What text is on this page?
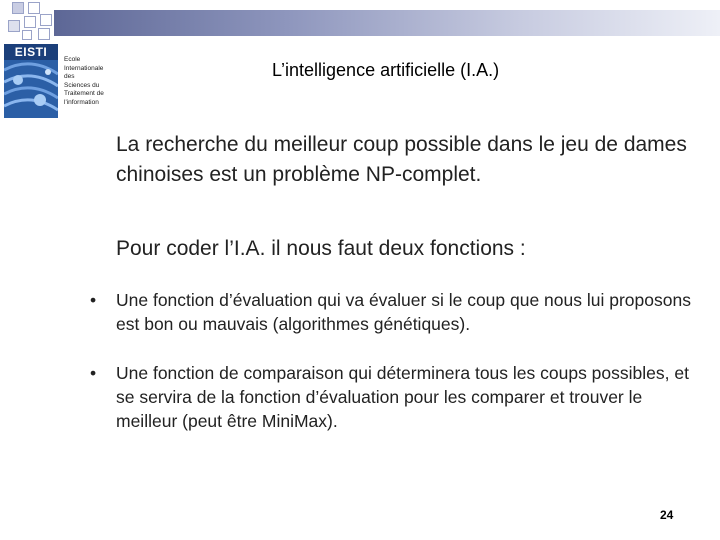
EISTI
Ecole
Internationale
des
Sciences du
Traitement de
l'information
L’intelligence artificielle (I.A.)
La recherche du meilleur coup possible dans le jeu de dames chinoises est un problème NP-complet.
Pour coder l’I.A. il nous faut deux fonctions :
• Une fonction d’évaluation qui va évaluer si le coup que nous lui proposons est bon ou mauvais (algorithmes génétiques).
• Une fonction de comparaison qui déterminera tous les coups possibles, et se servira de la fonction d’évaluation pour les comparer et trouver le meilleur (peut être MiniMax).
24
